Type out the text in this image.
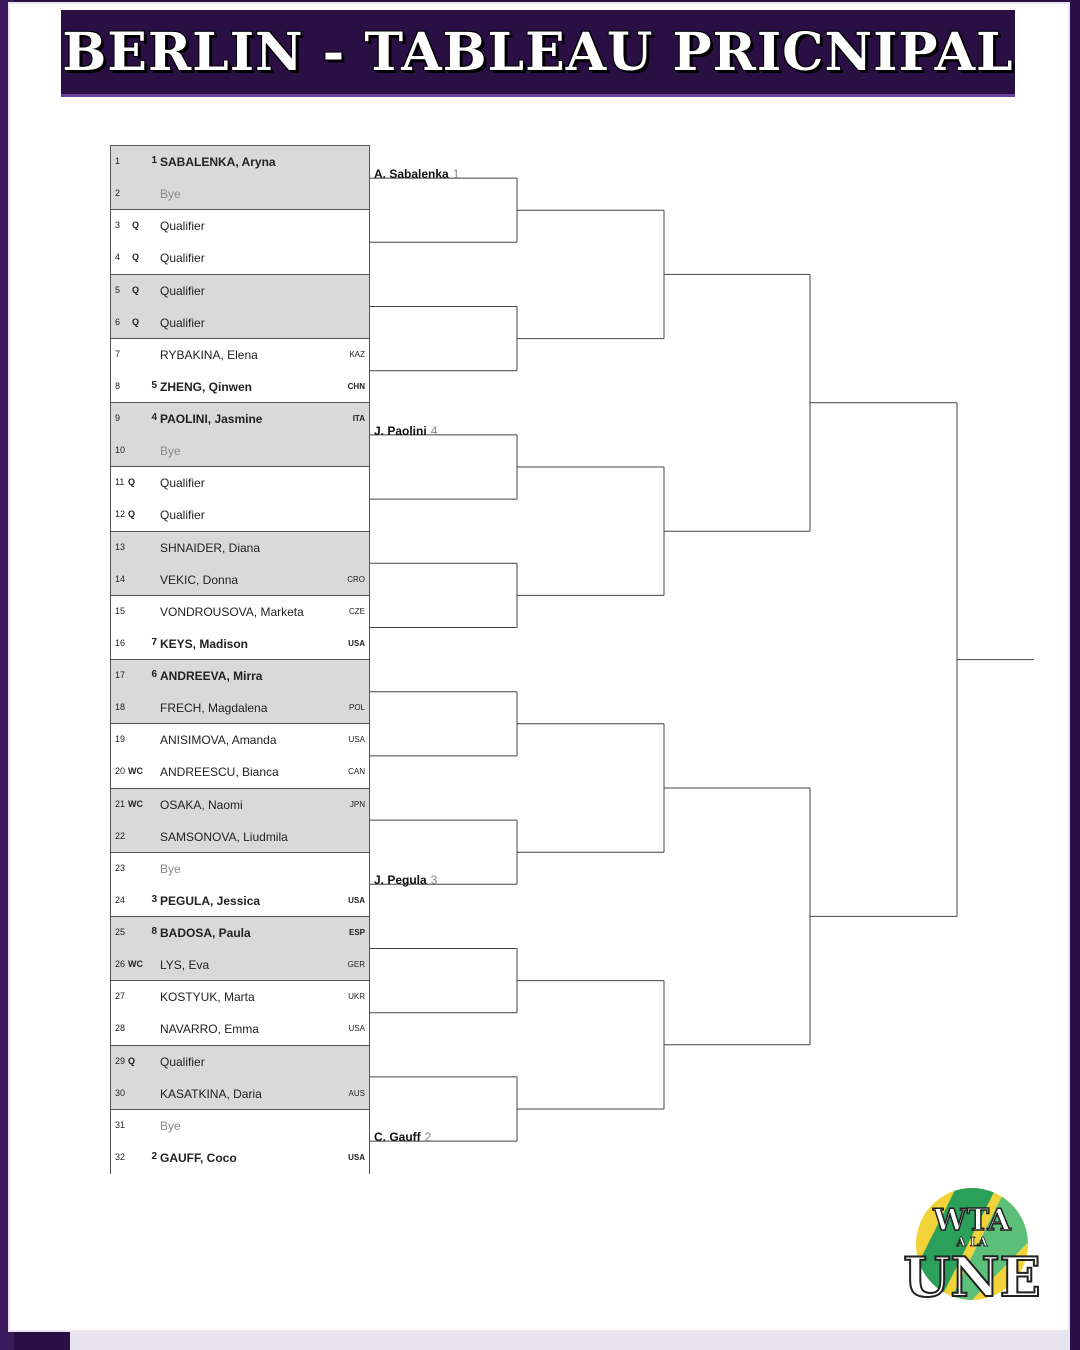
BERLIN - TABLEAU PRICNIPAL
1	1 SABALENKA, Aryna
2	Bye
3	Q Qualifier
4	Q Qualifier
5	Q Qualifier
6	Q Qualifier
7	RYBAKINA, Elena	KAZ
8	5 ZHENG, Qinwen	CHN
9	4 PAOLINI, Jasmine	ITA
10	Bye
11 Q Qualifier
12 Q Qualifier
13	SHNAIDER, Diana
14	VEKIC, Donna	CRO
15	VONDROUSOVA, Marketa	CZE
16	7 KEYS, Madison	USA
17	6 ANDREEVA, Mirra
18	FRECH, Magdalena	POL
19	ANISIMOVA, Amanda	USA
20 WC ANDREESCU, Bianca	CAN
21 WC OSAKA, Naomi	JPN
22	SAMSONOVA, Liudmila
23	Bye
24	3 PEGULA, Jessica	USA
25	8 BADOSA, Paula	ESP
26 WC LYS, Eva	GER
27	KOSTYUK, Marta	UKR
28	NAVARRO, Emma	USA
29 Q Qualifier
30	KASATKINA, Daria	AUS
31	Bye
32	2 GAUFF, Coco	USA
A. Sabalenka 1
J. Paolini 4
J. Pegula 3
C. Gauff 2
WTA
A LA
UNE
